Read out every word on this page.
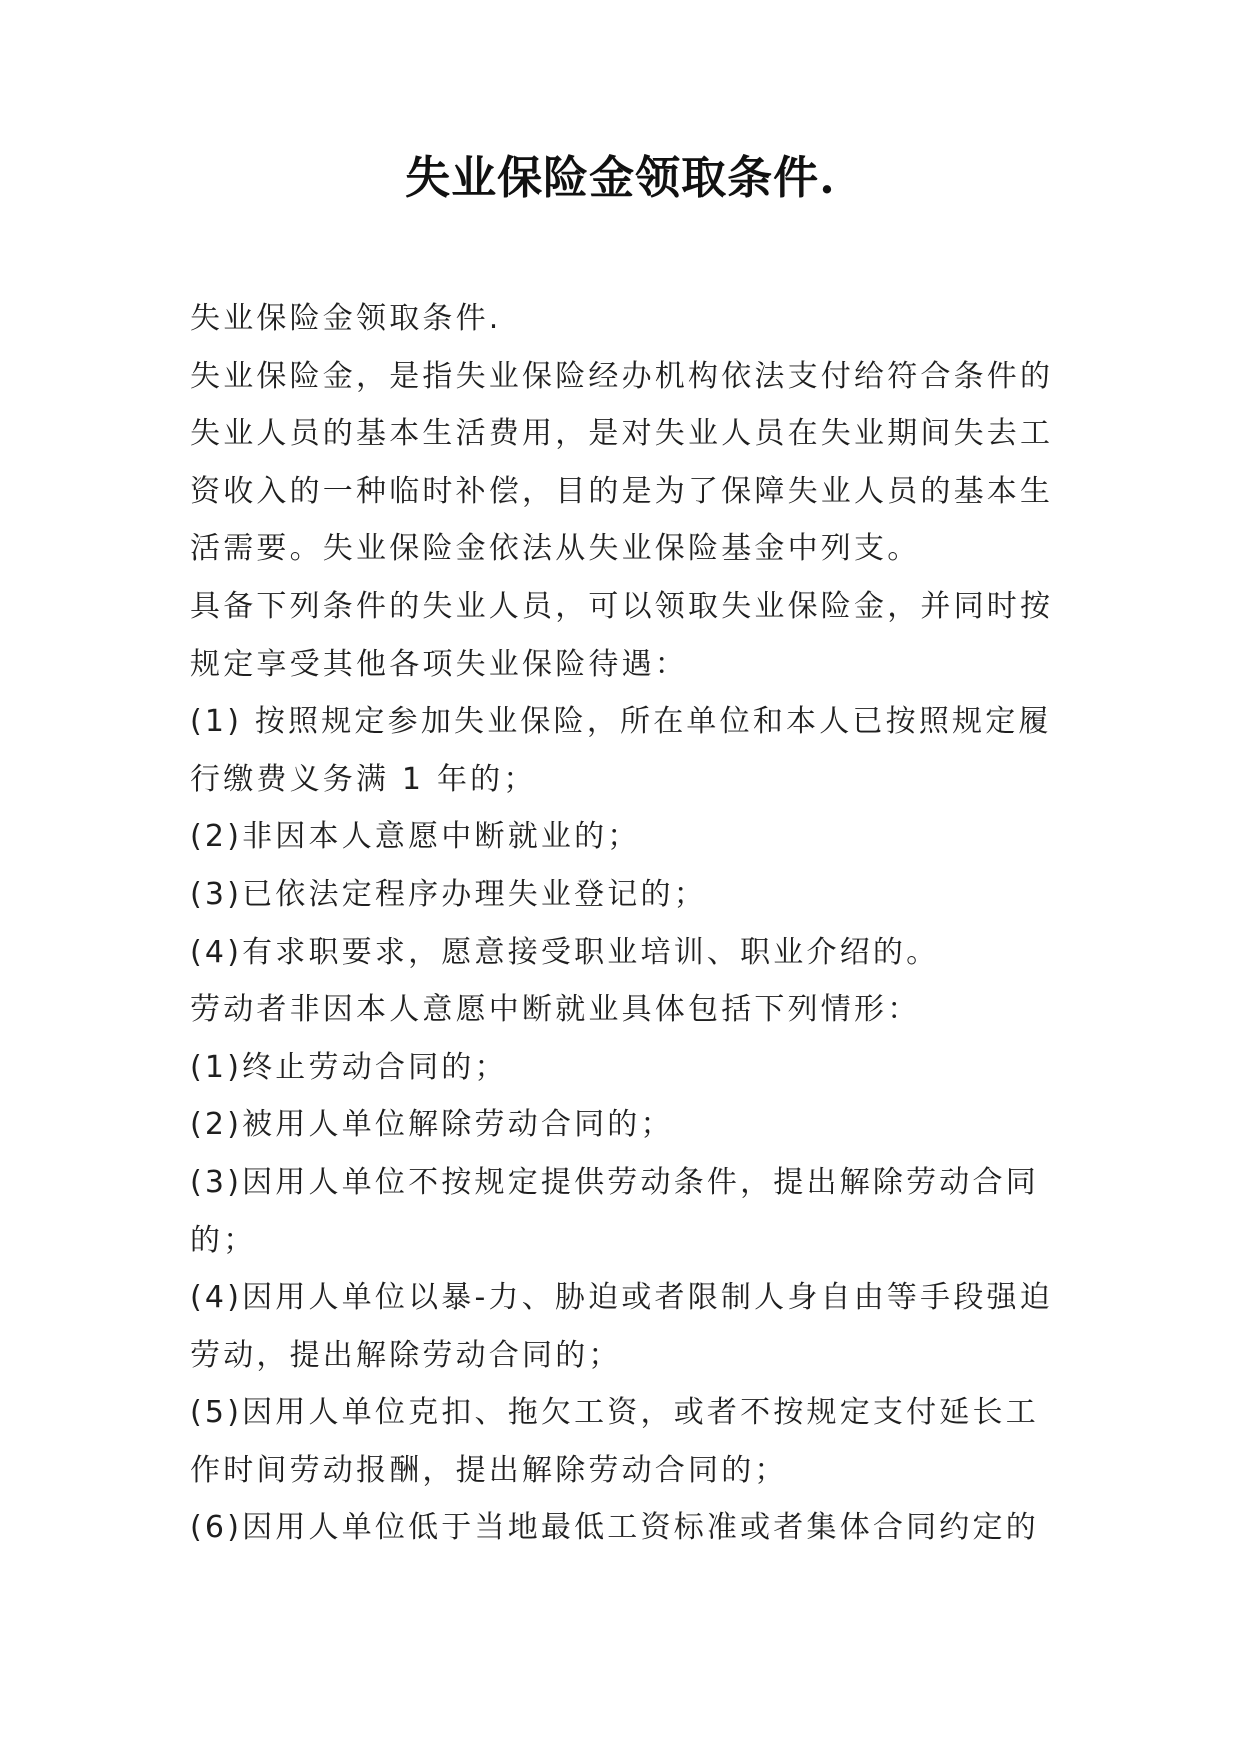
失业保险金领取条件.

失业保险金领取条件.

失业保险金，是指失业保险经办机构依法支付给符合条件的失业人员的基本生活费用，是对失业人员在失业期间失去工资收入的一种临时补偿，目的是为了保障失业人员的基本生活需要。失业保险金依法从失业保险基金中列支。

具备下列条件的失业人员，可以领取失业保险金，并同时按规定享受其他各项失业保险待遇：

(1) 按照规定参加失业保险，所在单位和本人已按照规定履行缴费义务满 1 年的；

(2)非因本人意愿中断就业的；

(3)已依法定程序办理失业登记的；

(4)有求职要求，愿意接受职业培训、职业介绍的。

劳动者非因本人意愿中断就业具体包括下列情形：

(1)终止劳动合同的；

(2)被用人单位解除劳动合同的；

(3)因用人单位不按规定提供劳动条件，提出解除劳动合同的；

(4)因用人单位以暴-力、胁迫或者限制人身自由等手段强迫劳动，提出解除劳动合同的；

(5)因用人单位克扣、拖欠工资，或者不按规定支付延长工作时间劳动报酬，提出解除劳动合同的；

(6)因用人单位低于当地最低工资标准或者集体合同约定的
